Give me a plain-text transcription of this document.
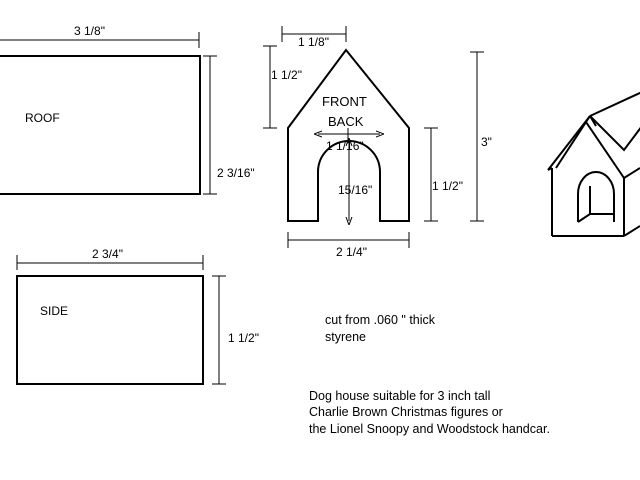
ROOF
3 1/8"
2 3/16"
SIDE
2 3/4"
1 1/2"
FRONT
BACK
1 1/8"
1 1/2"
1 1/16"
15/16"	1 1/2"
3"
2 1/4"
cut from .060 " thick
styrene
Dog house suitable for 3 inch tall
Charlie Brown Christmas figures or
the Lionel Snoopy and Woodstock handcar.
